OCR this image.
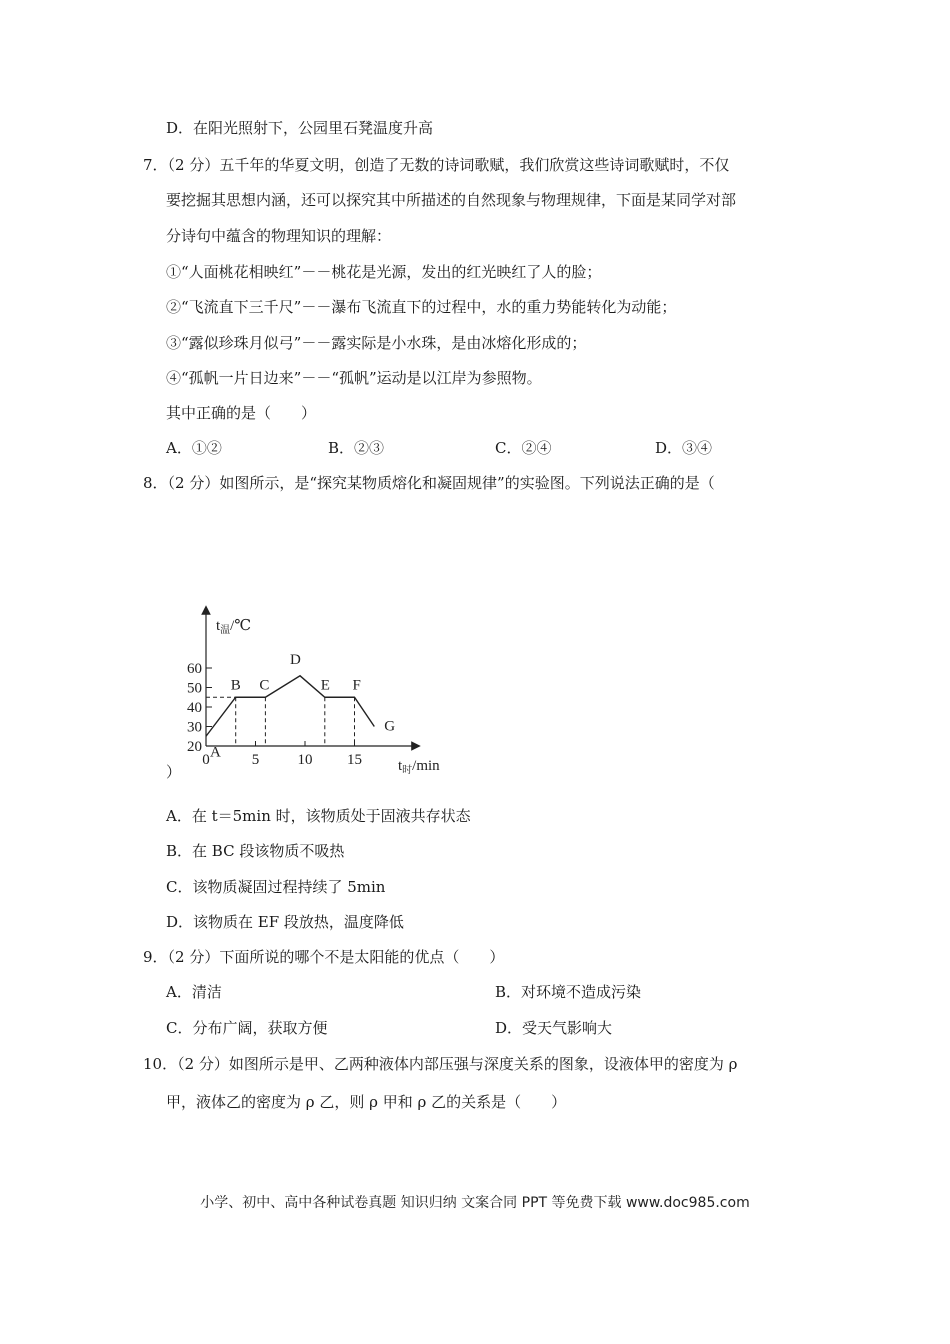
D．在阳光照射下，公园里石凳温度升高
7．（2 分）五千年的华夏文明，创造了无数的诗词歌赋，我们欣赏这些诗词歌赋时，不仅
要挖掘其思想内涵，还可以探究其中所描述的自然现象与物理规律，下面是某同学对部
分诗句中蕴含的物理知识的理解：
①“人面桃花相映红”－－桃花是光源，发出的红光映红了人的脸；
②“飞流直下三千尺”－－瀑布飞流直下的过程中，水的重力势能转化为动能；
③“露似珍珠月似弓”－－露实际是小水珠，是由冰熔化形成的；
④“孤帆一片日边来”－－“孤帆”运动是以江岸为参照物。
其中正确的是（　　）
A．①②	B．②③	C．②④	D．③④
8．（2 分）如图所示，是“探究某物质熔化和凝固规律”的实验图。下列说法正确的是（
20
30
40
50
60
0	5	10 15
$t_温/℃$
$t_时/\min$
A
B C
D
E F
G
）
A．在 t＝5min 时，该物质处于固液共存状态
B．在 BC 段该物质不吸热
C．该物质凝固过程持续了 5min
D．该物质在 EF 段放热，温度降低
9．（2 分）下面所说的哪个不是太阳能的优点（　　）
A．清洁	B．对环境不造成污染
C．分布广阔，获取方便	D．受天气影响大
10．（2 分）如图所示是甲、乙两种液体内部压强与深度关系的图象，设液体甲的密度为 ρ
甲，液体乙的密度为 ρ 乙，则 ρ 甲和 ρ 乙的关系是（　　）
小学、初中、高中各种试卷真题 知识归纳 文案合同 PPT 等免费下载 www.doc985.com
